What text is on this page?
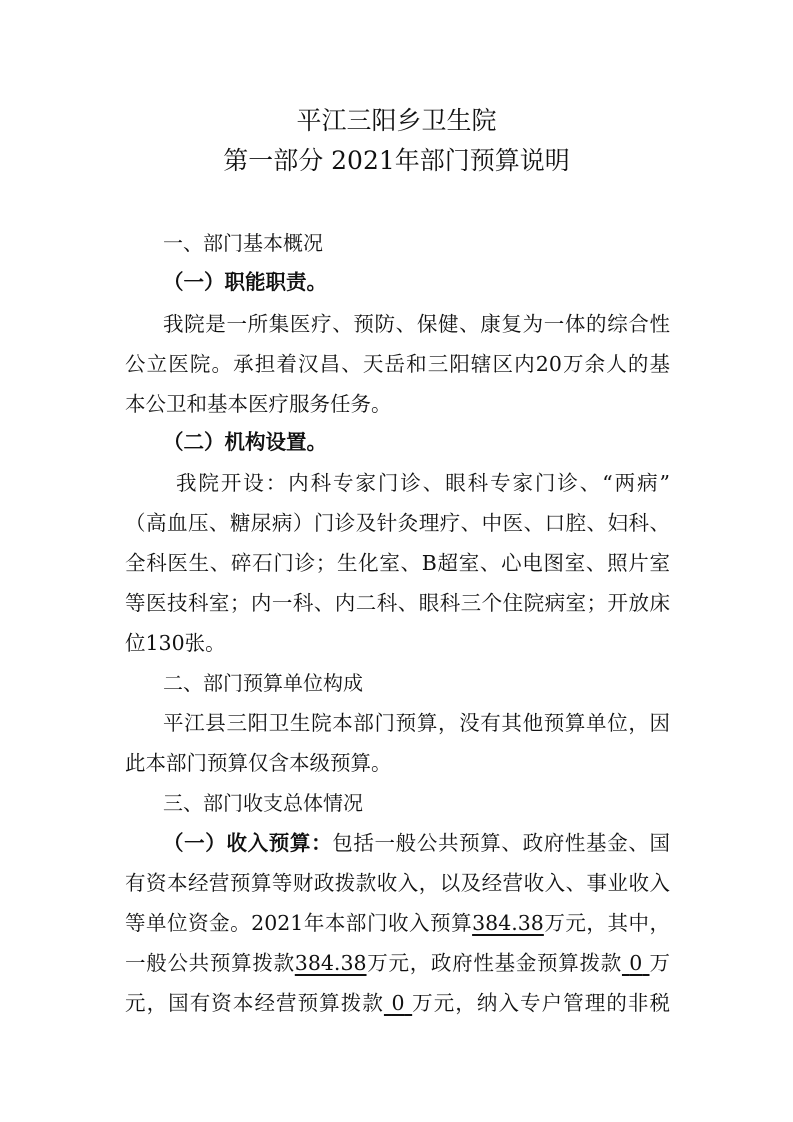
平江三阳乡卫生院
第一部分 2021年部门预算说明
一、部门基本概况
（一）职能职责。
我院是一所集医疗、预防、保健、康复为一体的综合性
公立医院。承担着汉昌、天岳和三阳辖区内20万余人的基
本公卫和基本医疗服务任务。
（二）机构设置。
我院开设：内科专家门诊、眼科专家门诊、“两病”
（高血压、糖尿病）门诊及针灸理疗、中医、口腔、妇科、
全科医生、碎石门诊；生化室、B超室、心电图室、照片室
等医技科室；内一科、内二科、眼科三个住院病室；开放床
位130张。
二、部门预算单位构成
平江县三阳卫生院本部门预算，没有其他预算单位，因
此本部门预算仅含本级预算。
三、部门收支总体情况
（一）收入预算：包括一般公共预算、政府性基金、国
有资本经营预算等财政拨款收入，以及经营收入、事业收入
等单位资金。2021年本部门收入预算384.38万元，其中，
一般公共预算拨款384.38万元，政府性基金预算拨款 0 万
元，国有资本经营预算拨款 0 万元，纳入专户管理的非税
